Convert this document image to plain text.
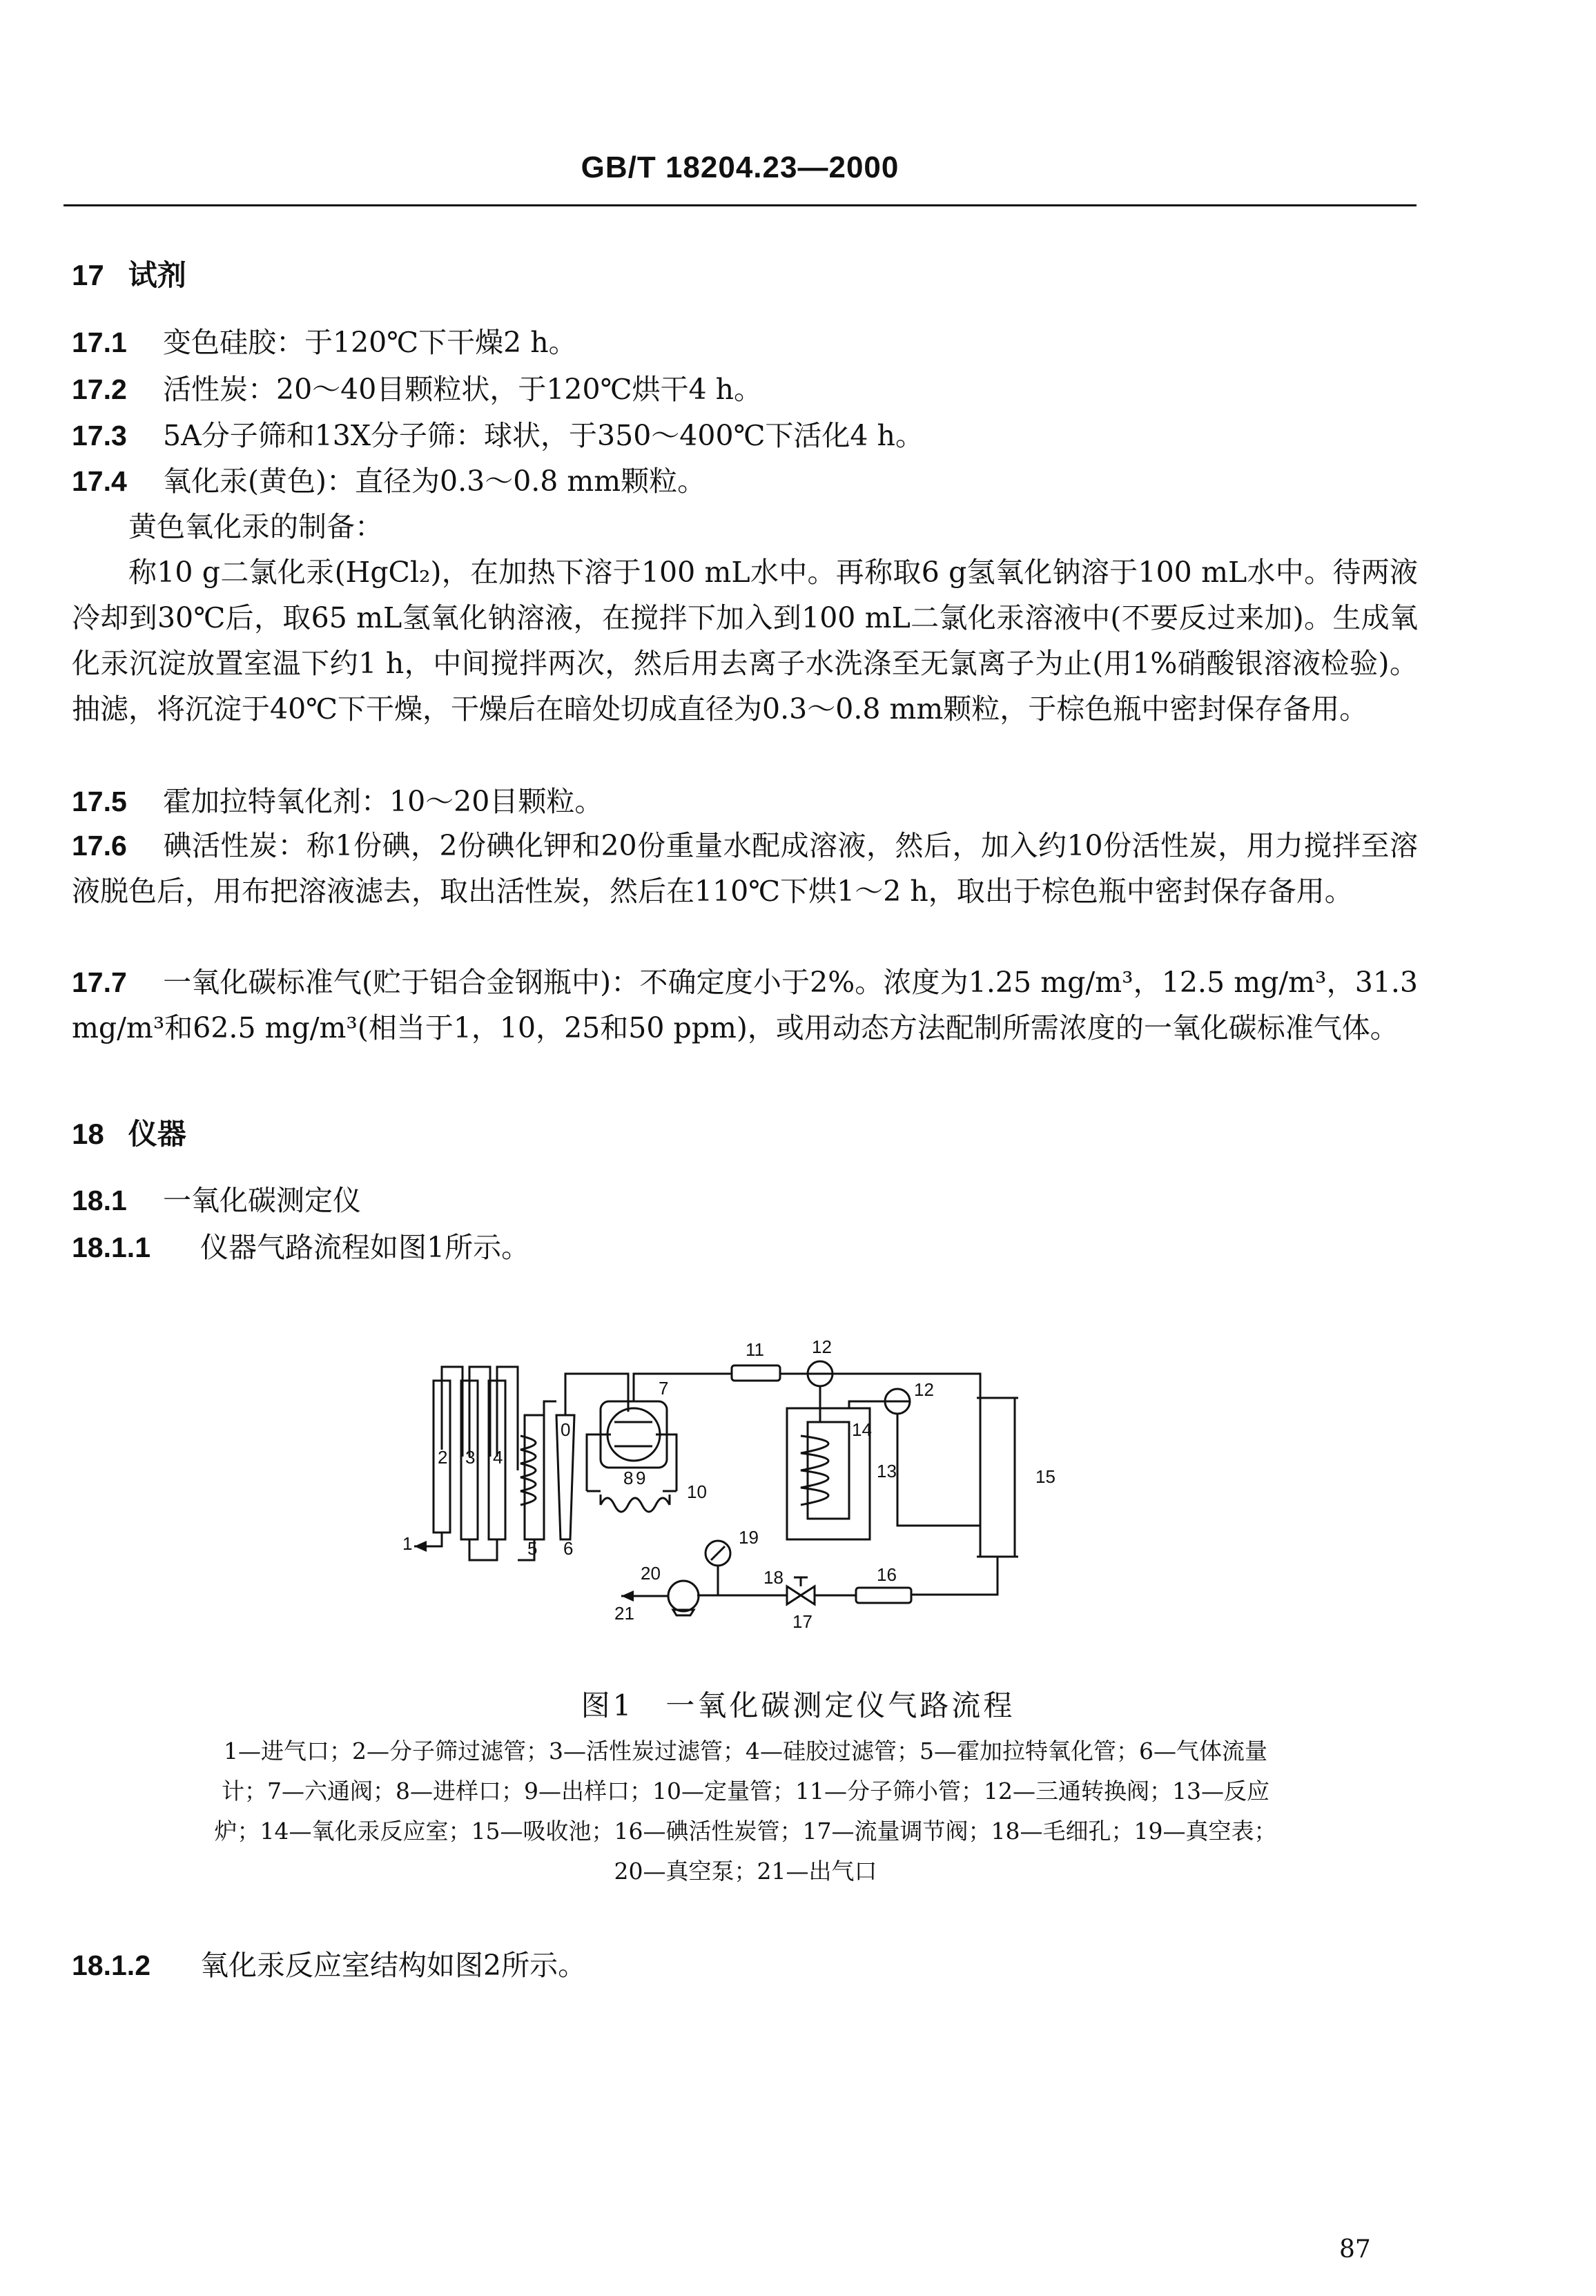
GB/T 18204.23—2000
17 试剂
17.1 变色硅胶：于120℃下干燥2 h。
17.2 活性炭：20～40目颗粒状，于120℃烘干4 h。
17.3 5A分子筛和13X分子筛：球状，于350～400℃下活化4 h。
17.4 氧化汞(黄色)：直径为0.3～0.8 mm颗粒。
黄色氧化汞的制备：
称10 g二氯化汞(HgCl₂)，在加热下溶于100 mL水中。再称取6 g氢氧化钠溶于100 mL水中。待两液冷却到30℃后，取65 mL氢氧化钠溶液，在搅拌下加入到100 mL二氯化汞溶液中(不要反过来加)。生成氧化汞沉淀放置室温下约1 h，中间搅拌两次，然后用去离子水洗涤至无氯离子为止(用1%硝酸银溶液检验)。抽滤，将沉淀于40℃下干燥，干燥后在暗处切成直径为0.3～0.8 mm颗粒，于棕色瓶中密封保存备用。
17.5 霍加拉特氧化剂：10～20目颗粒。
17.6 碘活性炭：称1份碘，2份碘化钾和20份重量水配成溶液，然后，加入约10份活性炭，用力搅拌至溶液脱色后，用布把溶液滤去，取出活性炭，然后在110℃下烘1～2 h，取出于棕色瓶中密封保存备用。
17.7 一氧化碳标准气(贮于铝合金钢瓶中)：不确定度小于2%。浓度为1.25 mg/m³，12.5 mg/m³，31.3 mg/m³和62.5 mg/m³(相当于1，10，25和50 ppm)，或用动态方法配制所需浓度的一氧化碳标准气体。
18 仪器
18.1 一氧化碳测定仪
18.1.1 仪器气路流程如图1所示。
1
2 3 4
5
0
6
7
8 9
10
11	12
12
13
14
15
16
17
18
19
20
21
图1　一氧化碳测定仪气路流程
1—进气口；2—分子筛过滤管；3—活性炭过滤管；4—硅胶过滤管；5—霍加拉特氧化管；6—气体流量计；7—六通阀；8—进样口；9—出样口；10—定量管；11—分子筛小管；12—三通转换阀；13—反应炉；14—氧化汞反应室；15—吸收池；16—碘活性炭管；17—流量调节阀；18—毛细孔；19—真空表；20—真空泵；21—出气口
18.1.2 氧化汞反应室结构如图2所示。
87
